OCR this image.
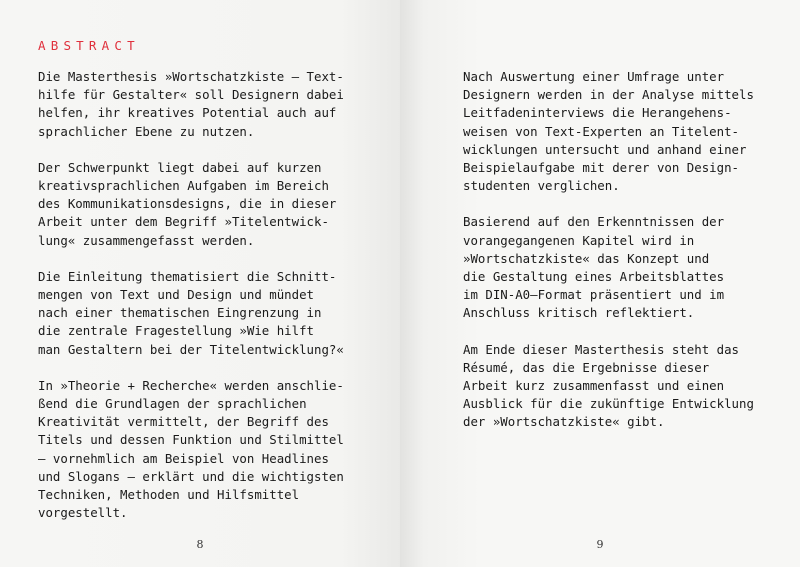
ABSTRACT

Die Masterthesis »Wortschatzkiste – Text-
hilfe für Gestalter« soll Designern dabei
helfen, ihr kreatives Potential auch auf
sprachlicher Ebene zu nutzen.

Der Schwerpunkt liegt dabei auf kurzen
kreativsprachlichen Aufgaben im Bereich
des Kommunikationsdesigns, die in dieser
Arbeit unter dem Begriff »Titelentwick-
lung« zusammengefasst werden.

Die Einleitung thematisiert die Schnitt-
mengen von Text und Design und mündet
nach einer thematischen Eingrenzung in
die zentrale Fragestellung »Wie hilft
man Gestaltern bei der Titelentwicklung?«

In »Theorie + Recherche« werden anschlie-
ßend die Grundlagen der sprachlichen
Kreativität vermittelt, der Begriff des
Titels und dessen Funktion und Stilmittel
– vornehmlich am Beispiel von Headlines
und Slogans – erklärt und die wichtigsten
Techniken, Methoden und Hilfsmittel
vorgestellt.

8

Nach Auswertung einer Umfrage unter
Designern werden in der Analyse mittels
Leitfadeninterviews die Herangehens-
weisen von Text-Experten an Titelent-
wicklungen untersucht und anhand einer
Beispielaufgabe mit derer von Design-
studenten verglichen.

Basierend auf den Erkenntnissen der
vorangegangenen Kapitel wird in
»Wortschatzkiste« das Konzept und
die Gestaltung eines Arbeitsblattes
im DIN-A0–Format präsentiert und im
Anschluss kritisch reflektiert.

Am Ende dieser Masterthesis steht das
Résumé, das die Ergebnisse dieser
Arbeit kurz zusammenfasst und einen
Ausblick für die zukünftige Entwicklung
der »Wortschatzkiste« gibt.

9
